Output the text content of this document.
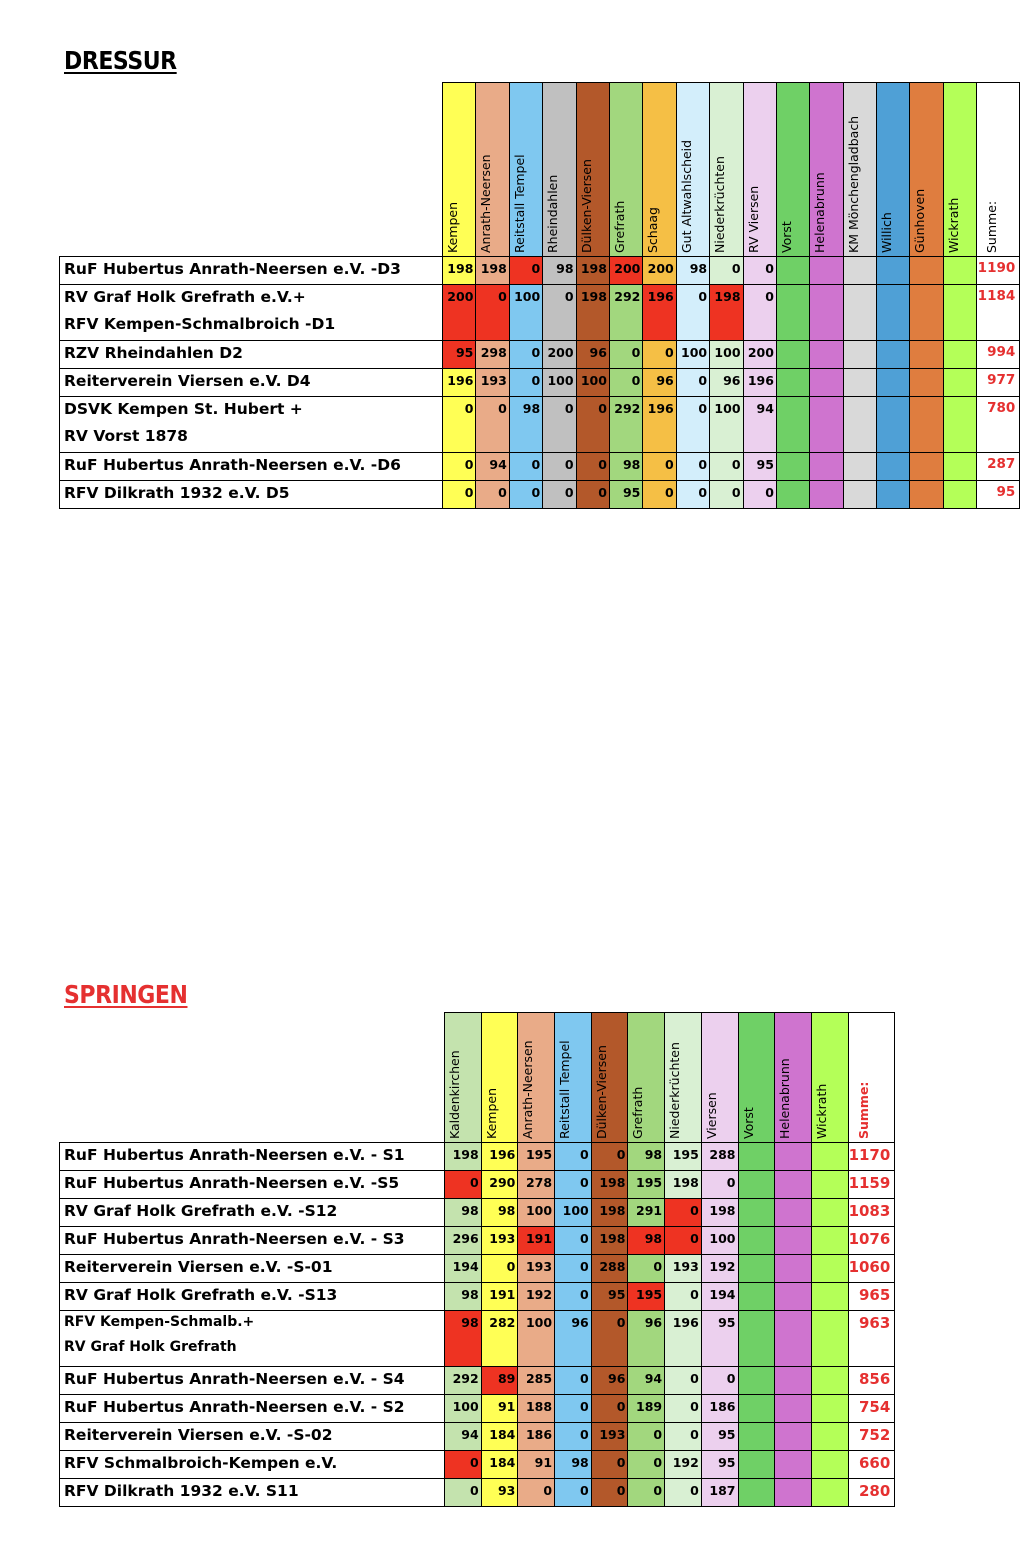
DRESSUR

	Kempen	Anrath-Neersen	Reitstall Tempel	Rheindahlen	Dülken-Viersen	Grefrath	Schaag	Gut Altwahlscheid	Niederkrüchten	RV Viersen	Vorst	Helenabrunn	KM Mönchengladbach	Willich	Günhoven	Wickrath	Summe:

RuF Hubertus Anrath-Neersen e.V. -D3	198	198	0	98	198	200	200	98	0	0							1190
RV Graf Holk Grefrath e.V.+
RFV Kempen-Schmalbroich -D1	200	0	100	0	198	292	196	0	198	0							1184
RZV Rheindahlen D2	95	298	0	200	96	0	0	100	100	200							994
Reiterverein Viersen e.V. D4	196	193	0	100	100	0	96	0	96	196							977
DSVK Kempen St. Hubert +
RV Vorst 1878	0	0	98	0	0	292	196	0	100	94							780
RuF Hubertus Anrath-Neersen e.V. -D6	0	94	0	0	0	98	0	0	0	95							287
RFV Dilkrath 1932 e.V. D5	0	0	0	0	0	95	0	0	0	0							95
SPRINGEN

	Kaldenkirchen	Kempen	Anrath-Neersen	Reitstall Tempel	Dülken-Viersen	Grefrath	Niederkrüchten	Viersen	Vorst	Helenabrunn	Wickrath	Summe:

RuF Hubertus Anrath-Neersen e.V. - S1	198	196	195	0	0	98	195	288				1170
RuF Hubertus Anrath-Neersen e.V. -S5	0	290	278	0	198	195	198	0				1159
RV Graf Holk Grefrath e.V. -S12	98	98	100	100	198	291	0	198				1083
RuF Hubertus Anrath-Neersen e.V. - S3	296	193	191	0	198	98	0	100				1076
Reiterverein Viersen e.V. -S-01	194	0	193	0	288	0	193	192				1060
RV Graf Holk Grefrath e.V. -S13	98	191	192	0	95	195	0	194				965
RFV Kempen-Schmalb.+
RV Graf Holk Grefrath	98	282	100	96	0	96	196	95				963
RuF Hubertus Anrath-Neersen e.V. - S4	292	89	285	0	96	94	0	0				856
RuF Hubertus Anrath-Neersen e.V. - S2	100	91	188	0	0	189	0	186				754
Reiterverein Viersen e.V. -S-02	94	184	186	0	193	0	0	95				752
RFV Schmalbroich-Kempen e.V.	0	184	91	98	0	0	192	95				660
RFV Dilkrath 1932 e.V. S11	0	93	0	0	0	0	0	187				280
